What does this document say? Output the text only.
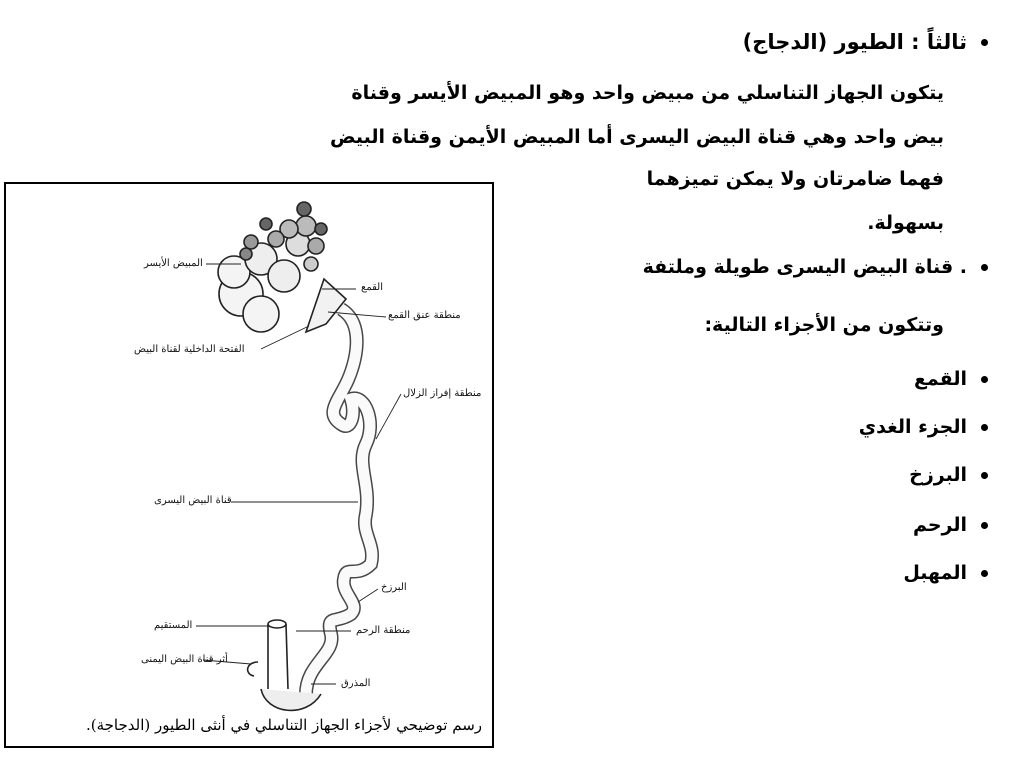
ثالثاً : الطيور (الدجاج)
يتكون الجهاز التناسلي من مبيض واحد وهو المبيض الأيسر وقناة
بيض واحد وهي قناة البيض اليسرى أما المبيض الأيمن وقناة البيض
فهما ضامرتان ولا يمكن تميزهما
بسهولة.
. قناة البيض اليسرى طويلة وملتفة
وتتكون من الأجزاء التالية:
القمع
الجزء الغدي
البرزخ
الرحم
المهبل
المبيض الأيسر
القمع
منطقة عنق القمع
الفتحة الداخلية لقناة البيض
منطقة إفراز الزلال
قناة البيض اليسرى
البرزخ
المستقيم	منطقة الرحم
أثر قناة البيض اليمنى
المذرق
رسم توضيحي لأجزاء الجهاز التناسلي في أنثى الطيور (الدجاجة).
